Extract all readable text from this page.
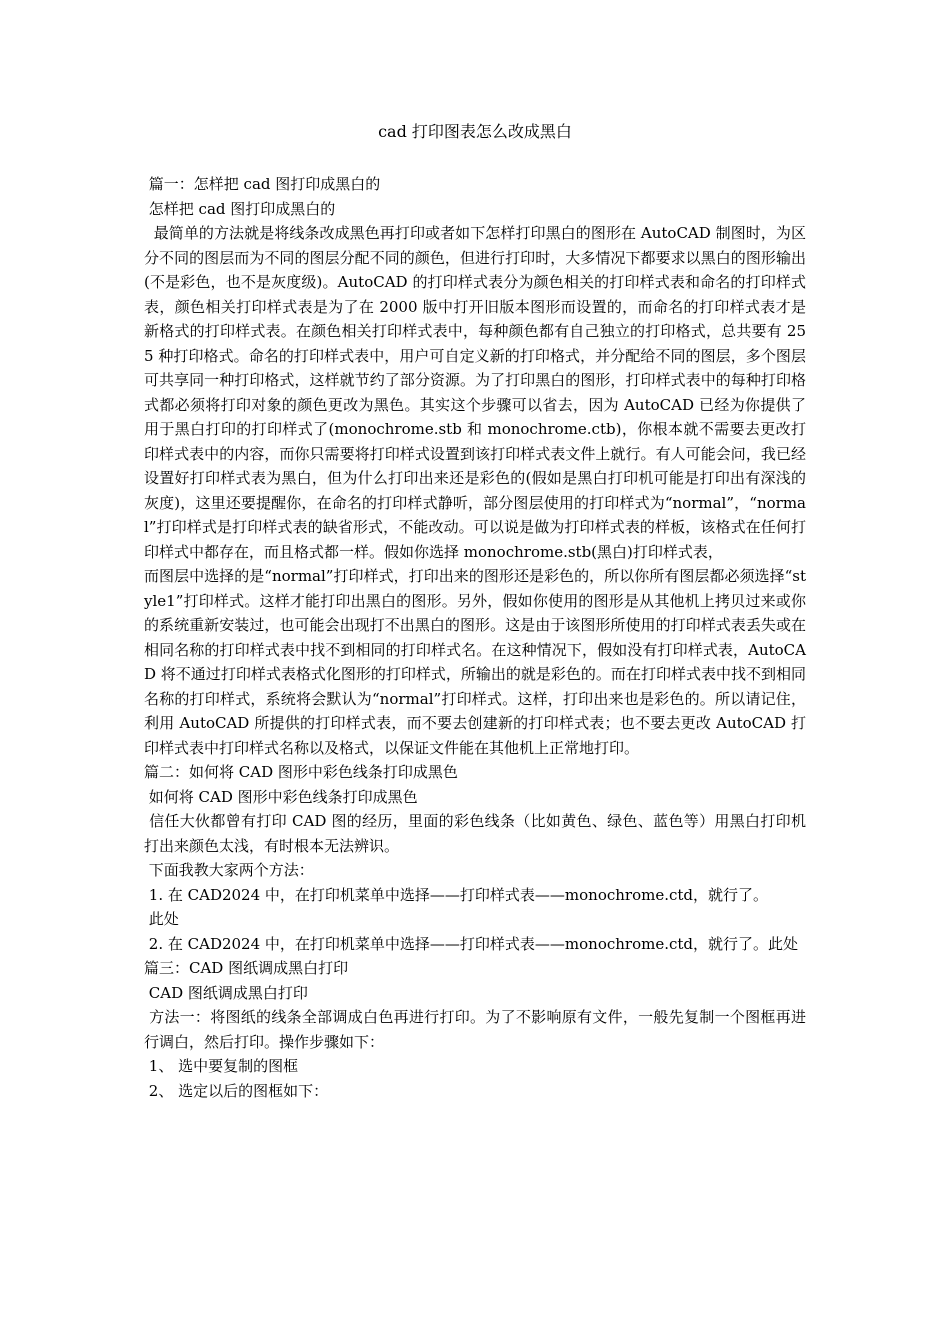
cad 打印图表怎么改成黑白

篇一：怎样把 cad 图打印成黑白的

怎样把 cad 图打印成黑白的

最简单的方法就是将线条改成黑色再打印或者如下怎样打印黑白的图形在 AutoCAD 制图时，为区分不同的图层而为不同的图层分配不同的颜色，但进行打印时，大多情况下都要求以黑白的图形输出(不是彩色，也不是灰度级)。AutoCAD 的打印样式表分为颜色相关的打印样式表和命名的打印样式表，颜色相关打印样式表是为了在 2000 版中打开旧版本图形而设置的，而命名的打印样式表才是新格式的打印样式表。在颜色相关打印样式表中，每种颜色都有自己独立的打印格式，总共要有 255 种打印格式。命名的打印样式表中，用户可自定义新的打印格式，并分配给不同的图层，多个图层可共享同一种打印格式，这样就节约了部分资源。为了打印黑白的图形，打印样式表中的每种打印格式都必须将打印对象的颜色更改为黑色。其实这个步骤可以省去，因为 AutoCAD 已经为你提供了用于黑白打印的打印样式了(monochrome.stb 和 monochrome.ctb)，你根本就不需要去更改打印样式表中的内容，而你只需要将打印样式设置到该打印样式表文件上就行。有人可能会问，我已经设置好打印样式表为黑白，但为什么打印出来还是彩色的(假如是黑白打印机可能是打印出有深浅的灰度)，这里还要提醒你，在命名的打印样式静听，部分图层使用的打印样式为“normal”，“normal”打印样式是打印样式表的缺省形式，不能改动。可以说是做为打印样式表的样板，该格式在任何打印样式中都存在，而且格式都一样。假如你选择 monochrome.stb(黑白)打印样式表，

而图层中选择的是“normal”打印样式，打印出来的图形还是彩色的，所以你所有图层都必须选择“style1”打印样式。这样才能打印出黑白的图形。另外，假如你使用的图形是从其他机上拷贝过来或你的系统重新安装过，也可能会出现打不出黑白的图形。这是由于该图形所使用的打印样式表丢失或在相同名称的打印样式表中找不到相同的打印样式名。在这种情况下，假如没有打印样式表，AutoCAD 将不通过打印样式表格式化图形的打印样式，所输出的就是彩色的。而在打印样式表中找不到相同名称的打印样式，系统将会默认为“normal”打印样式。这样，打印出来也是彩色的。所以请记住，利用 AutoCAD 所提供的打印样式表，而不要去创建新的打印样式表；也不要去更改 AutoCAD 打印样式表中打印样式名称以及格式，以保证文件能在其他机上正常地打印。

篇二：如何将 CAD 图形中彩色线条打印成黑色

如何将 CAD 图形中彩色线条打印成黑色

信任大伙都曾有打印 CAD 图的经历，里面的彩色线条（比如黄色、绿色、蓝色等）用黑白打印机打出来颜色太浅，有时根本无法辨识。

下面我教大家两个方法：

1. 在 CAD2024 中，在打印机菜单中选择——打印样式表——monochrome.ctd，就行了。

此处

2. 在 CAD2024 中，在打印机菜单中选择——打印样式表——monochrome.ctd，就行了。此处

篇三：CAD 图纸调成黑白打印

CAD 图纸调成黑白打印

方法一：将图纸的线条全部调成白色再进行打印。为了不影响原有文件，一般先复制一个图框再进行调白，然后打印。操作步骤如下：

1、 选中要复制的图框

2、 选定以后的图框如下：
